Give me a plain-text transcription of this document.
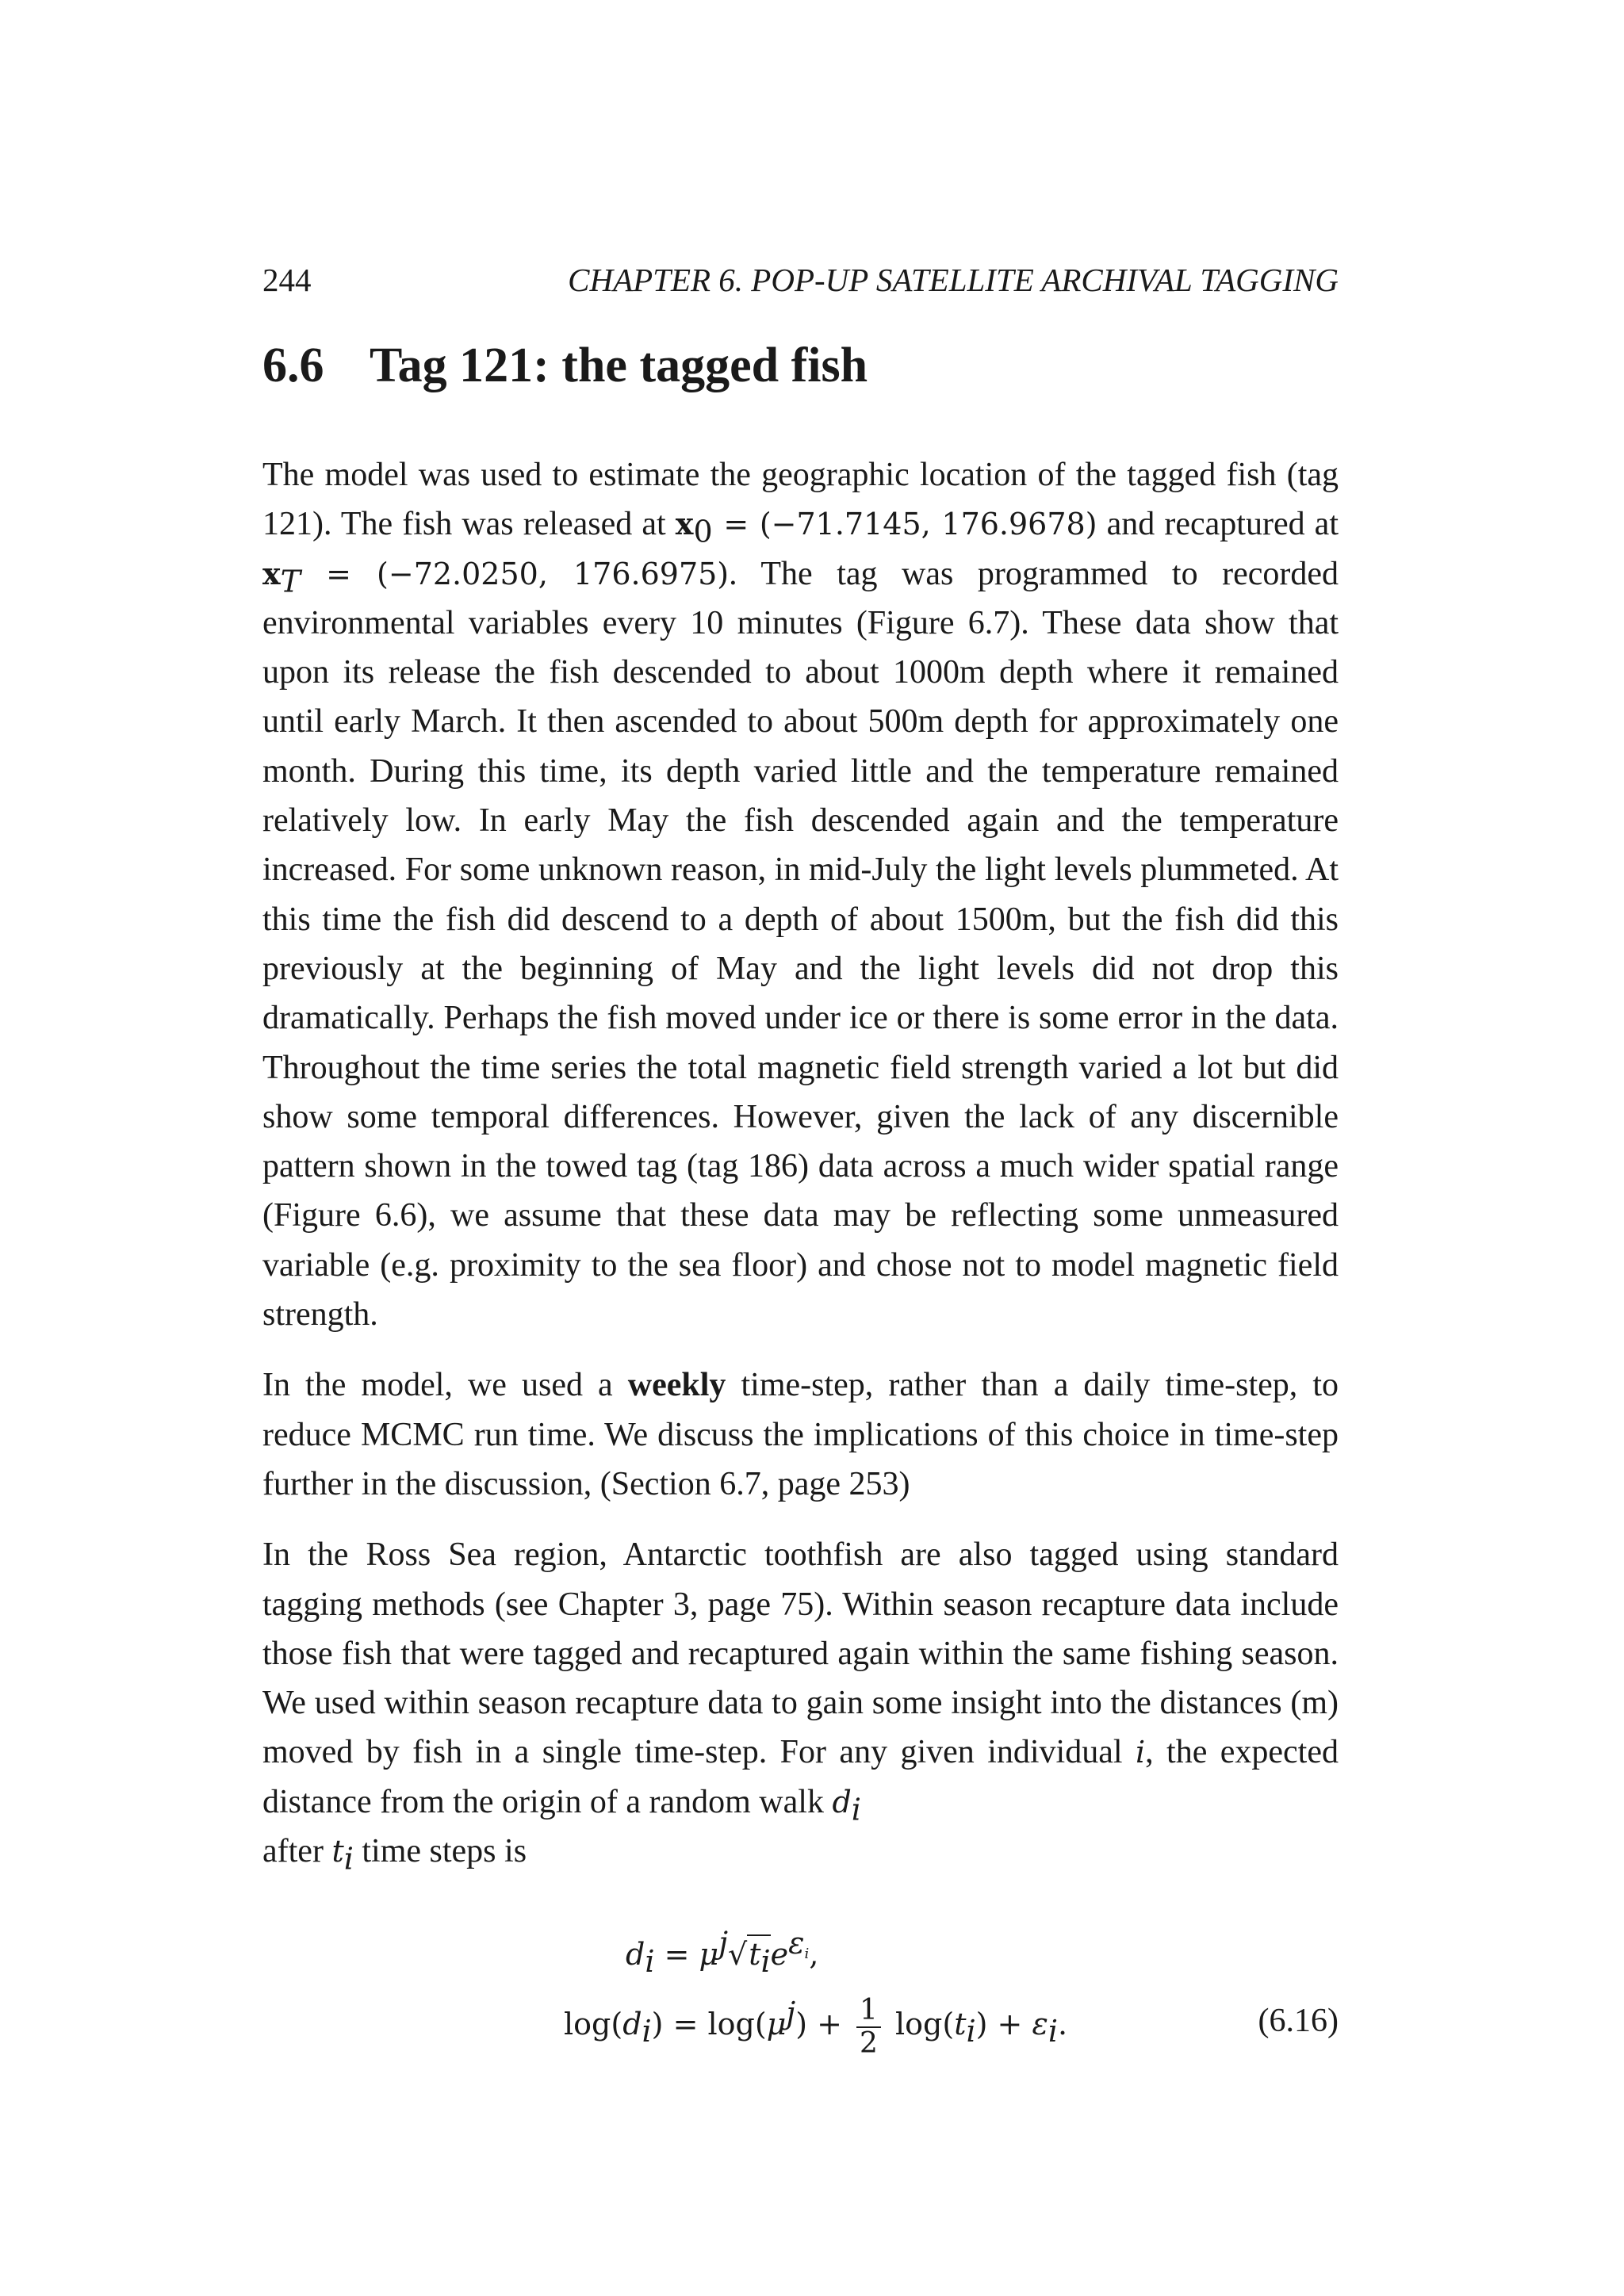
244	CHAPTER 6. POP-UP SATELLITE ARCHIVAL TAGGING
6.6 Tag 121: the tagged fish

The model was used to estimate the geographic location of the tagged fish (tag 121). The fish was released at $x_0 = (-71.7145$, 176.9678) and recaptured at $x_T = (-72.0250$, 176.6975). The tag was programmed to recorded environmental variables every 10 minutes (Figure 6.7). These data show that upon its release the fish descended to about 1000m depth where it remained until early March. It then ascended to about 500m depth for approximately one month. During this time, its depth varied little and the temperature remained relatively low. In early May the fish descended again and the temperature increased. For some unknown reason, in mid-July the light levels plummeted. At this time the fish did descend to a depth of about 1500m, but the fish did this previously at the beginning of May and the light levels did not drop this dramatically. Perhaps the fish moved under ice or there is some error in the data. Throughout the time series the total magnetic field strength varied a lot but did show some temporal differences. However, given the lack of any discernible pattern shown in the towed tag (tag 186) data across a much wider spatial range (Figure 6.6), we assume that these data may be reflecting some unmeasured variable (e.g. proximity to the sea floor) and chose not to model magnetic field strength.

In the model, we used a weekly time-step, rather than a daily time-step, to reduce MCMC run time. We discuss the implications of this choice in time-step further in the discussion, (Section 6.7, page 253)

In the Ross Sea region, Antarctic toothfish are also tagged using standard tagging methods (see Chapter 3, page 75). Within season recapture data include those fish that were tagged and recaptured again within the same fishing season. We used within season recapture data to gain some insight into the distances (m) moved by fish in a single time-step. For any given individual i, the expected distance from the origin of a random walk $d_i$
after $t_i$ time steps is

$d_i = \mu^j√t_ie^{\varepsilon_i}$,
$\log(d_i) = \log(\mu^j) + \frac{1}{2} \log(t_i) + \varepsilon_i$.	(6.16)
